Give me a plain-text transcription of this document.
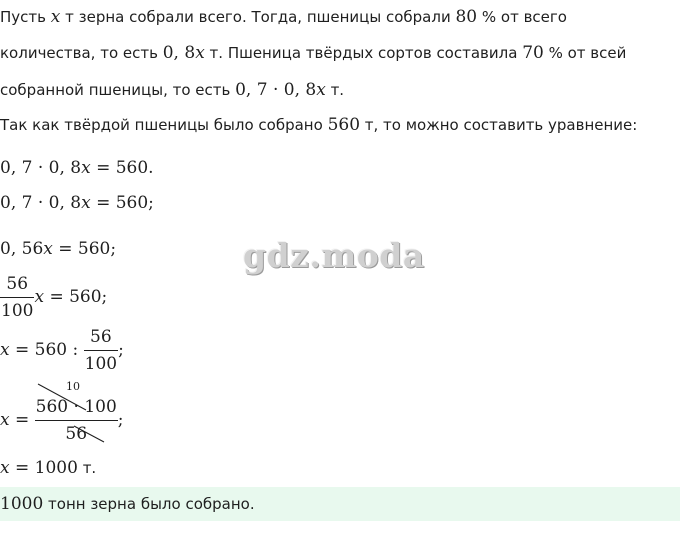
Пусть x т зерна собрали всего. Тогда, пшеницы собрали 80 % от всего
количества, то есть 0, 8x т. Пшеница твёрдых сортов составила 70 % от всей
собранной пшеницы, то есть 0, 7 · 0, 8x т.
Так как твёрдой пшеницы было собрано 560 т, то можно составить уравнение:
0, 7 · 0, 8x = 560.
0, 7 · 0, 8x = 560;
0, 56x = 560;
$\frac{56}{100}$ x = 560;
x = 560 : $\frac{56}{100}$ ;
$x = \frac{560 \cdot 100}{56}$ ;
10
x = 1000 т.
1000 тонн зерна было собрано.
gdz.moda
